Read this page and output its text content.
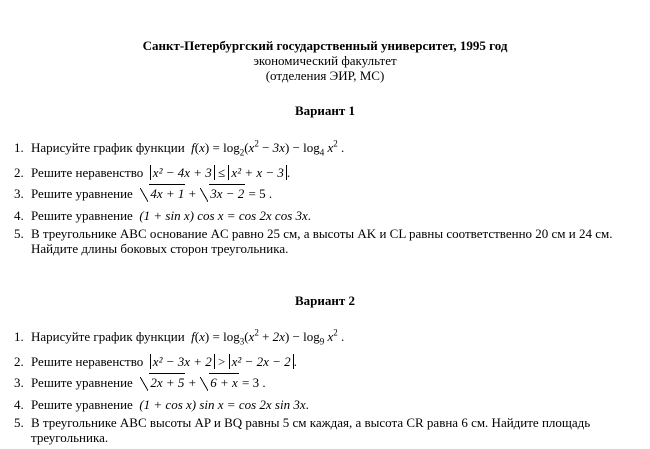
Санкт-Петербургский государственный университет, 1995 год
экономический факультет
(отделения ЭИР, МС)
Вариант 1
1. Нарисуйте график функции $f(x) = \log_2(x^2 - 3x) - \log_4 x^2$ .
2. Решите неравенство x² − 4x + 3 ≤ x² + x − 3 .
3. Решите уравнение 4x + 1 + 3x − 2 = 5 .
4. Решите уравнение (1 + sin x) cos x = cos 2x cos 3x.
5. В треугольнике ABC основание AC равно 25 см, а высоты AK и CL равны соответственно 20 см и 24 см. Найдите длины боковых сторон треугольника.
Вариант 2
1. Нарисуйте график функции $f(x) = \log_3(x^2 + 2x) - \log_9 x^2$ .
2. Решите неравенство x² − 3x + 2 > x² − 2x − 2 .
3. Решите уравнение 2x + 5 + 6 + x = 3 .
4. Решите уравнение (1 + cos x) sin x = cos 2x sin 3x.
5. В треугольнике ABC высоты AP и BQ равны 5 см каждая, а высота CR равна 6 см. Найдите площадь треугольника.
